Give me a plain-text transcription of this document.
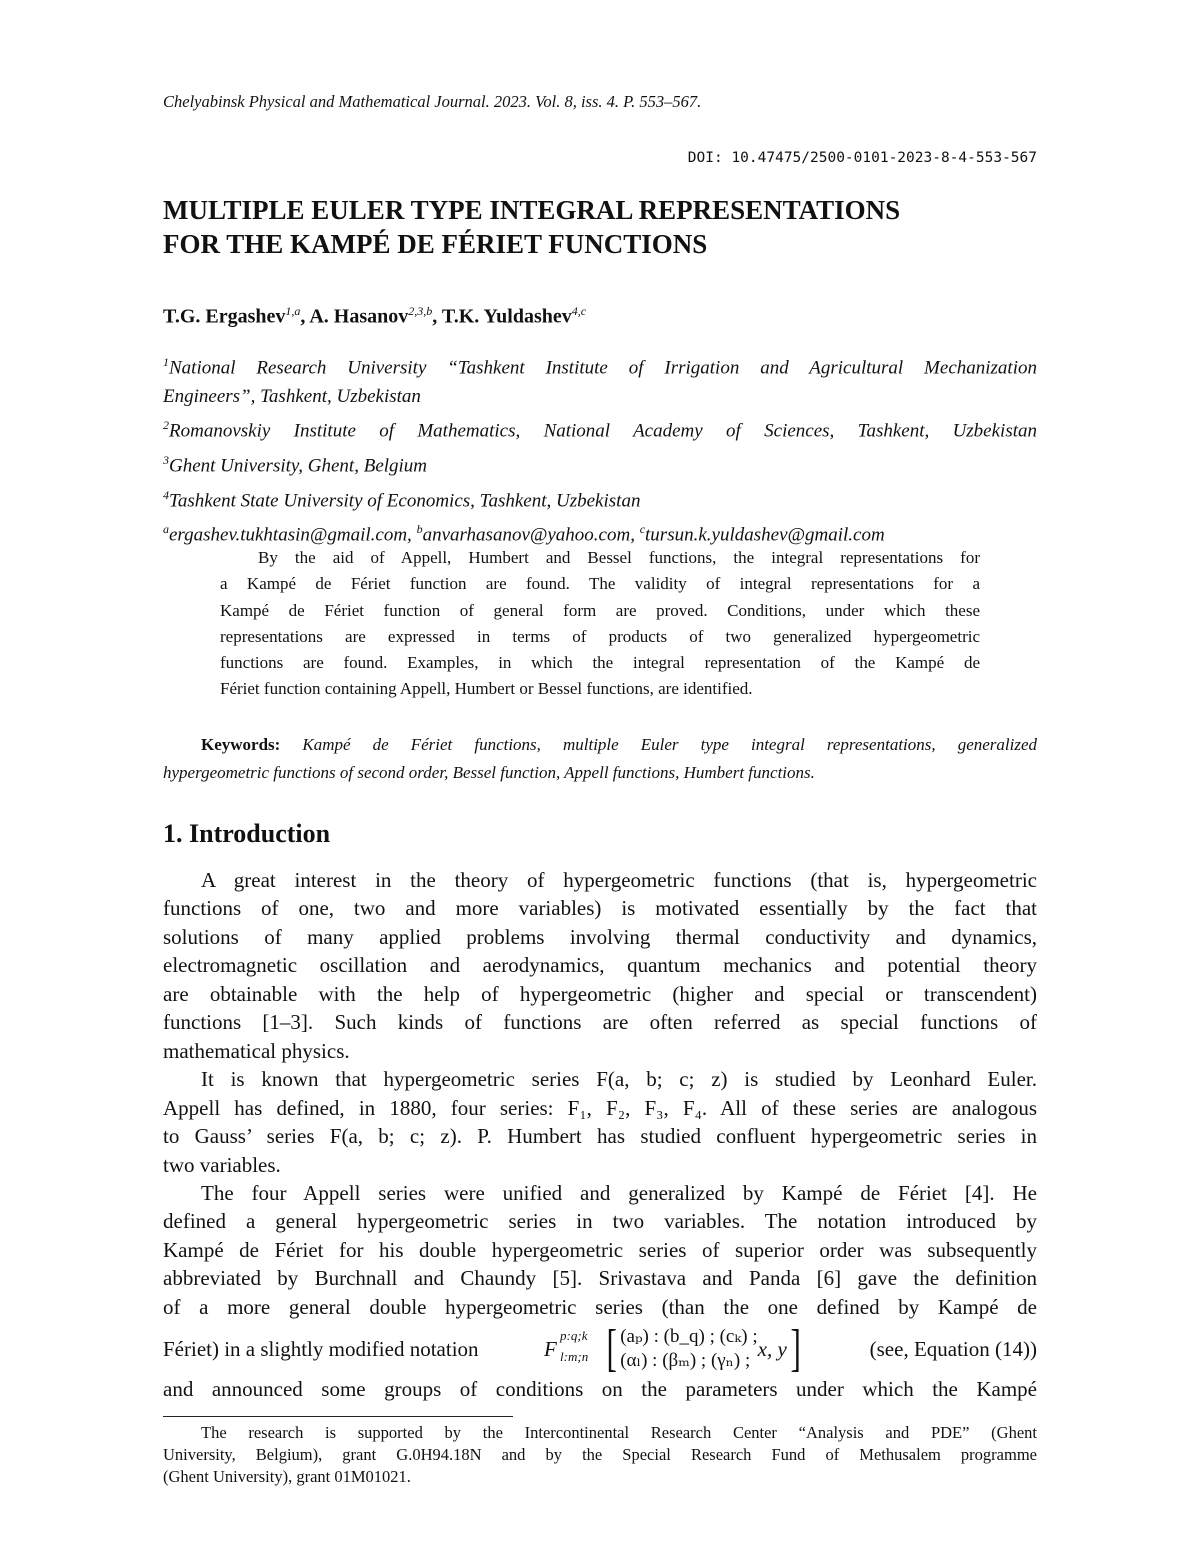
Chelyabinsk Physical and Mathematical Journal. 2023. Vol. 8, iss. 4. P. 553–567.
DOI: 10.47475/2500-0101-2023-8-4-553-567
MULTIPLE EULER TYPE INTEGRAL REPRESENTATIONS
FOR THE KAMPÉ DE FÉRIET FUNCTIONS
T.G. Ergashev1,a, A. Hasanov2,3,b, T.K. Yuldashev4,c
1National Research University “Tashkent Institute of Irrigation and Agricultural Mechanization
Engineers”, Tashkent, Uzbekistan
2Romanovskiy Institute of Mathematics, National Academy of Sciences, Tashkent, Uzbekistan
3Ghent University, Ghent, Belgium
4Tashkent State University of Economics, Tashkent, Uzbekistan
aergashev.tukhtasin@gmail.com, banvarhasanov@yahoo.com, ctursun.k.yuldashev@gmail.com
By the aid of Appell, Humbert and Bessel functions, the integral representations for
a Kampé de Fériet function are found. The validity of integral representations for a
Kampé de Fériet function of general form are proved. Conditions, under which these
representations are expressed in terms of products of two generalized hypergeometric
functions are found. Examples, in which the integral representation of the Kampé de
Fériet function containing Appell, Humbert or Bessel functions, are identified.
Keywords: Kampé de Fériet functions, multiple Euler type integral representations, generalized
hypergeometric functions of second order, Bessel function, Appell functions, Humbert functions.
1. Introduction
A great interest in the theory of hypergeometric functions (that is, hypergeometric
functions of one, two and more variables) is motivated essentially by the fact that
solutions of many applied problems involving thermal conductivity and dynamics,
electromagnetic oscillation and aerodynamics, quantum mechanics and potential theory
are obtainable with the help of hypergeometric (higher and special or transcendent)
functions [1–3]. Such kinds of functions are often referred as special functions of
mathematical physics.
It is known that hypergeometric series F(a, b; c; z) is studied by Leonhard Euler.
Appell has defined, in 1880, four series: F₁, F₂, F₃, F₄. All of these series are analogous
to Gauss’ series F(a, b; c; z). P. Humbert has studied confluent hypergeometric series in
two variables.
The four Appell series were unified and generalized by Kampé de Fériet [4]. He
defined a general hypergeometric series in two variables. The notation introduced by
Kampé de Fériet for his double hypergeometric series of superior order was subsequently
abbreviated by Burchnall and Chaundy [5]. Srivastava and Panda [6] gave the definition
of a more general double hypergeometric series (than the one defined by Kampé de
Fériet) in a slightly modified notation	F
p:q;k
l:m;n [ (aₚ) : (b_q) ; (cₖ) ;
(αₗ) : (βₘ) ; (γₙ) ; x, y ]	(see, Equation (14))
and announced some groups of conditions on the parameters under which the Kampé
The research is supported by the Intercontinental Research Center “Analysis and PDE” (Ghent
University, Belgium), grant G.0H94.18N and by the Special Research Fund of Methusalem programme
(Ghent University), grant 01M01021.
